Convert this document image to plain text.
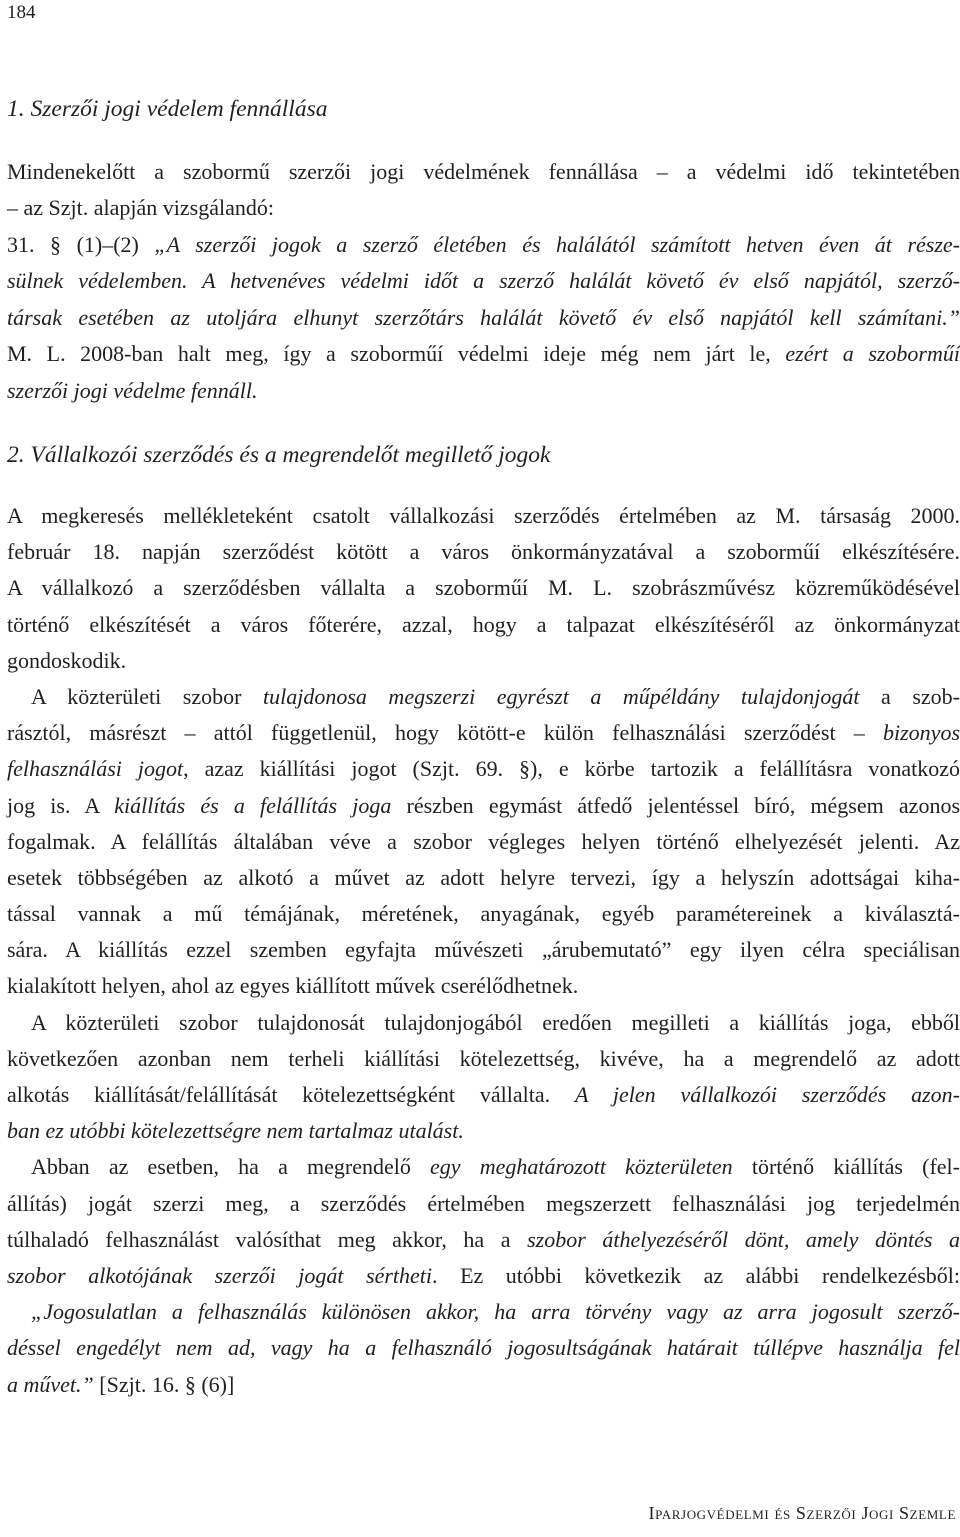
184
1. Szerzői jogi védelem fennállása
Mindenekelőtt a szobormű szerzői jogi védelmének fennállása – a védelmi idő tekintetében
– az Szjt. alapján vizsgálandó:
31. § (1)–(2) „A szerzői jogok a szerző életében és halálától számított hetven éven át része-
sülnek védelemben. A hetvenéves védelmi időt a szerző halálát követő év első napjától, szerző-
társak esetében az utoljára elhunyt szerzőtárs halálát követő év első napjától kell számítani.”
M. L. 2008-ban halt meg, így a szoborműí védelmi ideje még nem járt le, ezért a szoborműí
szerzői jogi védelme fennáll.
2. Vállalkozói szerződés és a megrendelőt megillető jogok
A megkeresés mellékleteként csatolt vállalkozási szerződés értelmében az M. társaság 2000.
február 18. napján szerződést kötött a város önkormányzatával a szoborműí elkészítésére.
A vállalkozó a szerződésben vállalta a szoborműí M. L. szobrászművész közreműködésével
történő elkészítését a város főterére, azzal, hogy a talpazat elkészítéséről az önkormányzat
gondoskodik.
A közterületi szobor tulajdonosa megszerzi egyrészt a műpéldány tulajdonjogát a szob-
rásztól, másrészt – attól függetlenül, hogy kötött-e külön felhasználási szerződést – bizonyos
felhasználási jogot, azaz kiállítási jogot (Szjt. 69. §), e körbe tartozik a felállításra vonatkozó
jog is. A kiállítás és a felállítás joga részben egymást átfedő jelentéssel bíró, mégsem azonos
fogalmak. A felállítás általában véve a szobor végleges helyen történő elhelyezését jelenti. Az
esetek többségében az alkotó a művet az adott helyre tervezi, így a helyszín adottságai kiha-
tással vannak a mű témájának, méretének, anyagának, egyéb paramétereinek a kiválasztá-
sára. A kiállítás ezzel szemben egyfajta művészeti „árubemutató” egy ilyen célra speciálisan
kialakított helyen, ahol az egyes kiállított művek cserélődhetnek.
A közterületi szobor tulajdonosát tulajdonjogából eredően megilleti a kiállítás joga, ebből
következően azonban nem terheli kiállítási kötelezettség, kivéve, ha a megrendelő az adott
alkotás kiállítását/felállítását kötelezettségként vállalta. A jelen vállalkozói szerződés azon-
ban ez utóbbi kötelezettségre nem tartalmaz utalást.
Abban az esetben, ha a megrendelő egy meghatározott közterületen történő kiállítás (fel-
állítás) jogát szerzi meg, a szerződés értelmében megszerzett felhasználási jog terjedelmén
túlhaladó felhasználást valósíthat meg akkor, ha a szobor áthelyezéséről dönt, amely döntés a
szobor alkotójának szerzői jogát sértheti. Ez utóbbi következik az alábbi rendelkezésből:
„Jogosulatlan a felhasználás különösen akkor, ha arra törvény vagy az arra jogosult szerző-
déssel engedélyt nem ad, vagy ha a felhasználó jogosultságának határait túllépve használja fel
a művet.” [Szjt. 16. § (6)]
Iparjogvédelmi és Szerzői Jogi Szemle
